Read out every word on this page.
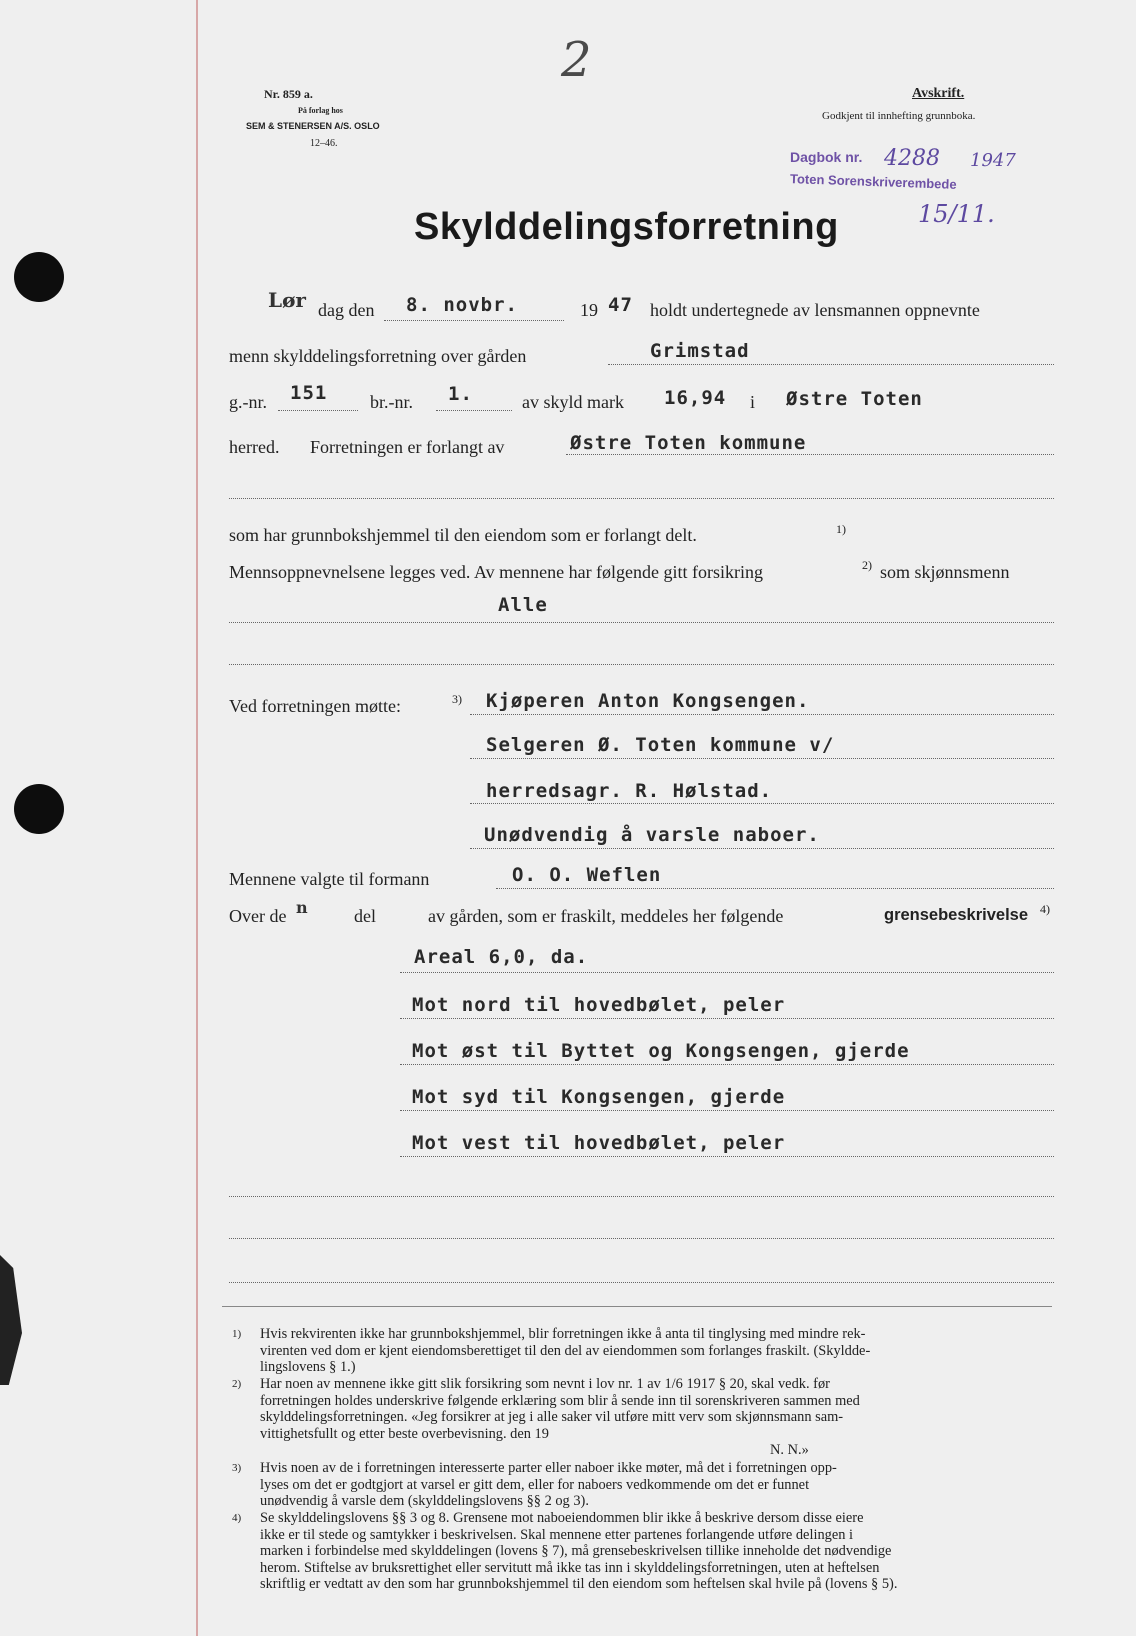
Nr. 859 a.
På forlag hos
SEM & STENERSEN A/S. OSLO
12–46.
2
Avskrift.
Godkjent til innhefting grunnboka.
Dagbok nr. 4288 1947
Toten Sorenskriverembede
15/11.
Skylddelingsforretning
Lør dag den 8. novbr.	19 47 holdt undertegnede av lensmannen oppnevnte
menn skylddelingsforretning over gården	Grimstad
g.-nr. 151 br.-nr. 1.	av skyld mark 16,94 i Østre Toten
herred. Forretningen er forlangt av	Østre Toten kommune
som har grunnbokshjemmel til den eiendom som er forlangt delt.	1)
Mennsoppnevnelsene legges ved. Av mennene har følgende gitt forsikring	2) som skjønnsmenn
Alle
Ved forretningen møtte:	3) Kjøperen Anton Kongsengen.
Selgeren Ø. Toten kommune v/
herredsagr. R. Hølstad.
Unødvendig å varsle naboer.
Mennene valgte til formann	O. O. Weflen
Over de n	del	av gården, som er fraskilt, meddeles her følgende	grensebeskrivelse 4)
Areal 6,0, da.
Mot nord til hovedbølet, peler
Mot øst til Byttet og Kongsengen, gjerde
Mot syd til Kongsengen, gjerde
Mot vest til hovedbølet, peler
1) Hvis rekvirenten ikke har grunnbokshjemmel, blir forretningen ikke å anta til tinglysing med mindre rek-
virenten ved dom er kjent eiendomsberettiget til den del av eiendommen som forlanges fraskilt. (Skyldde-
lingslovens § 1.)
2) Har noen av mennene ikke gitt slik forsikring som nevnt i lov nr. 1 av 1/6 1917 § 20, skal vedk. før
forretningen holdes underskrive følgende erklæring som blir å sende inn til sorenskriveren sammen med
skylddelingsforretningen. «Jeg forsikrer at jeg i alle saker vil utføre mitt verv som skjønnsmann sam-
vittighetsfullt og etter beste overbevisning. den 19
N. N.»
3) Hvis noen av de i forretningen interesserte parter eller naboer ikke møter, må det i forretningen opp-
lyses om det er godtgjort at varsel er gitt dem, eller for naboers vedkommende om det er funnet
unødvendig å varsle dem (skylddelingslovens §§ 2 og 3).
4) Se skylddelingslovens §§ 3 og 8. Grensene mot naboeiendommen blir ikke å beskrive dersom disse eiere
ikke er til stede og samtykker i beskrivelsen. Skal mennene etter partenes forlangende utføre delingen i
marken i forbindelse med skylddelingen (lovens § 7), må grensebeskrivelsen tillike inneholde det nødvendige
herom. Stiftelse av bruksrettighet eller servitutt må ikke tas inn i skylddelingsforretningen, uten at heftelsen
skriftlig er vedtatt av den som har grunnbokshjemmel til den eiendom som heftelsen skal hvile på (lovens § 5).
